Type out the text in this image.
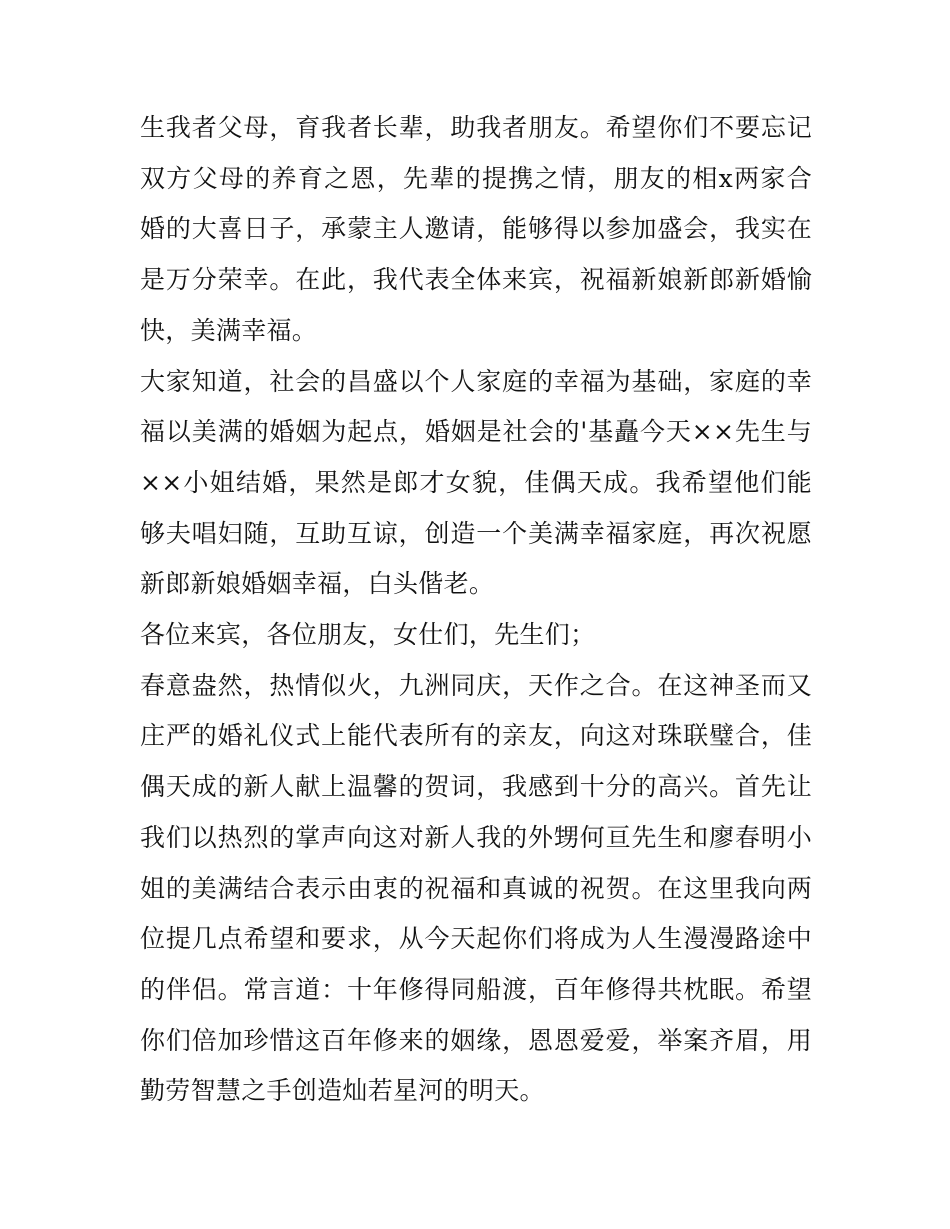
生我者父母，育我者长辈，助我者朋友。希望你们不要忘记双方父母的养育之恩，先辈的提携之情，朋友的相x两家合婚的大喜日子，承蒙主人邀请，能够得以参加盛会，我实在是万分荣幸。在此，我代表全体来宾，祝福新娘新郎新婚愉快，美满幸福。

大家知道，社会的昌盛以个人家庭的幸福为基础，家庭的幸福以美满的婚姻为起点，婚姻是社会的'基矗今天××先生与××小姐结婚，果然是郎才女貌，佳偶天成。我希望他们能够夫唱妇随，互助互谅，创造一个美满幸福家庭，再次祝愿新郎新娘婚姻幸福，白头偕老。

各位来宾，各位朋友，女仕们，先生们；

春意盎然，热情似火，九洲同庆，天作之合。在这神圣而又庄严的婚礼仪式上能代表所有的亲友，向这对珠联璧合，佳偶天成的新人献上温馨的贺词，我感到十分的高兴。首先让我们以热烈的掌声向这对新人我的外甥何亘先生和廖春明小姐的美满结合表示由衷的祝福和真诚的祝贺。在这里我向两位提几点希望和要求，从今天起你们将成为人生漫漫路途中的伴侣。常言道：十年修得同船渡，百年修得共枕眠。希望你们倍加珍惜这百年修来的姻缘，恩恩爱爱，举案齐眉，用勤劳智慧之手创造灿若星河的明天。
